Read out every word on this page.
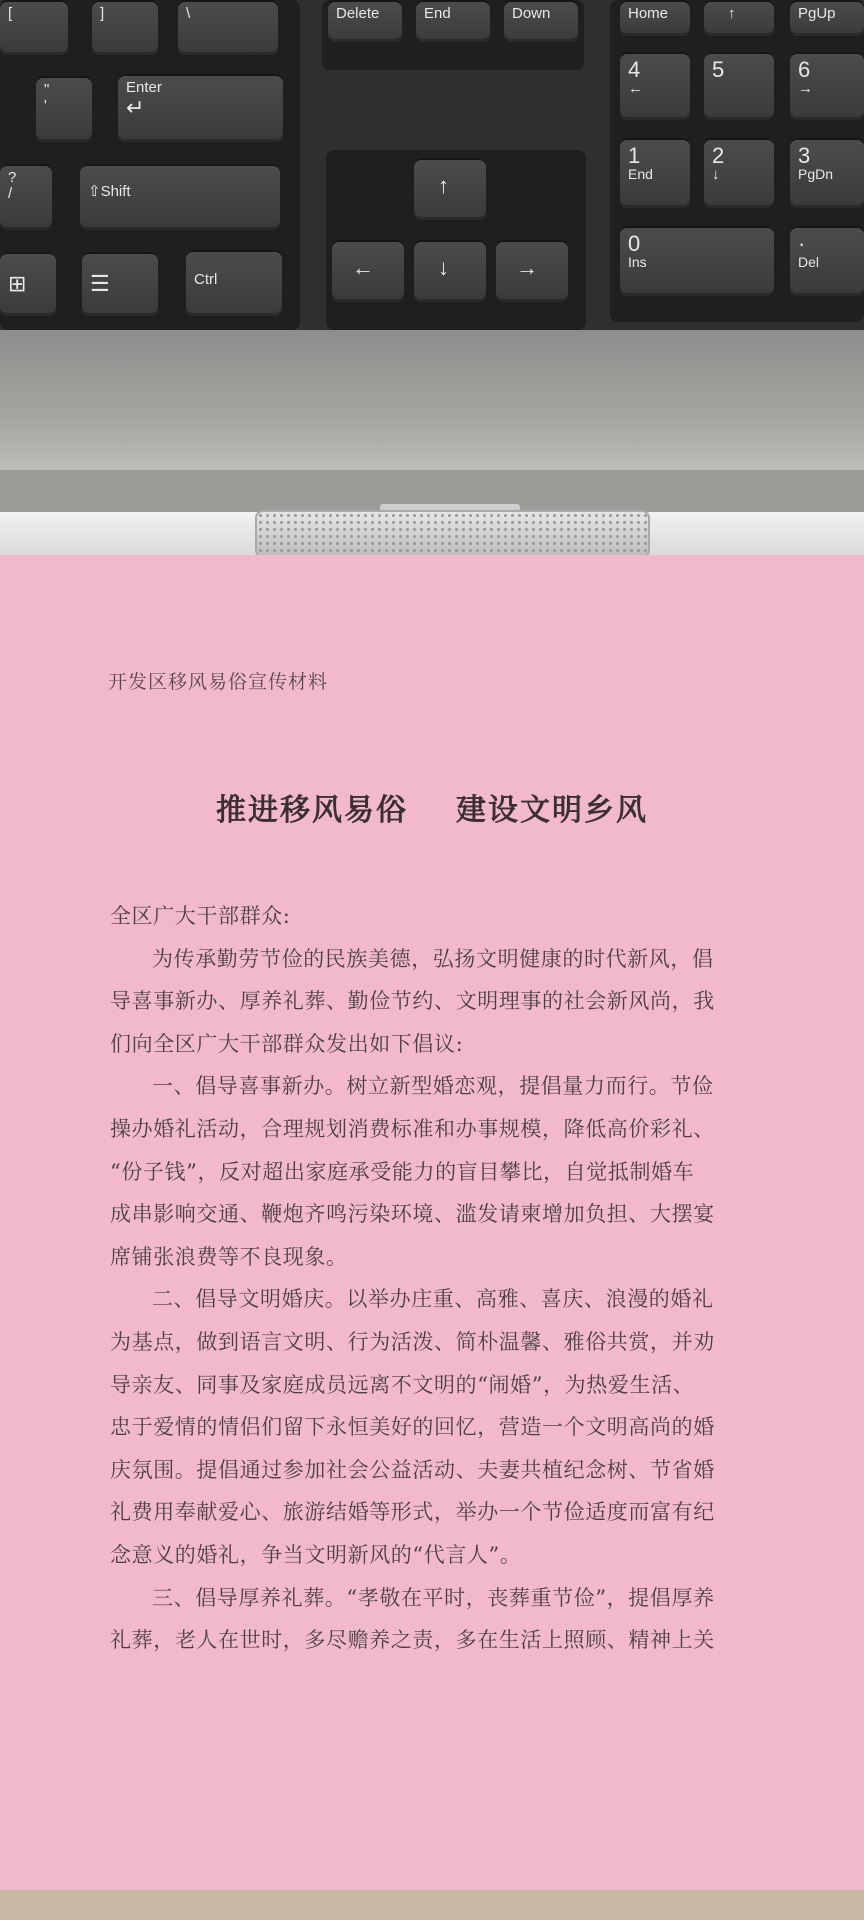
[	]	\
"
'
Enter
↵
?
/	⇧Shift
⊞	☰	Ctrl
Delete	End	Down
↑
←	↓	→
Home	↑	PgUp
4
←
5	6
→
1
End
2
↓
3
PgDn
0
Ins
·
Del
开发区移风易俗宣传材料
推进移风易俗 建设文明乡风
全区广大干部群众:
为传承勤劳节俭的民族美德，弘扬文明健康的时代新风，倡
导喜事新办、厚养礼葬、勤俭节约、文明理事的社会新风尚，我
们向全区广大干部群众发出如下倡议:
一、倡导喜事新办。树立新型婚恋观，提倡量力而行。节俭
操办婚礼活动，合理规划消费标准和办事规模，降低高价彩礼、
“份子钱”，反对超出家庭承受能力的盲目攀比，自觉抵制婚车
成串影响交通、鞭炮齐鸣污染环境、滥发请柬增加负担、大摆宴
席铺张浪费等不良现象。
二、倡导文明婚庆。以举办庄重、高雅、喜庆、浪漫的婚礼
为基点，做到语言文明、行为活泼、简朴温馨、雅俗共赏，并劝
导亲友、同事及家庭成员远离不文明的“闹婚”，为热爱生活、
忠于爱情的情侣们留下永恒美好的回忆，营造一个文明高尚的婚
庆氛围。提倡通过参加社会公益活动、夫妻共植纪念树、节省婚
礼费用奉献爱心、旅游结婚等形式，举办一个节俭适度而富有纪
念意义的婚礼，争当文明新风的“代言人”。
三、倡导厚养礼葬。“孝敬在平时，丧葬重节俭”，提倡厚养
礼葬，老人在世时，多尽赡养之责，多在生活上照顾、精神上关
